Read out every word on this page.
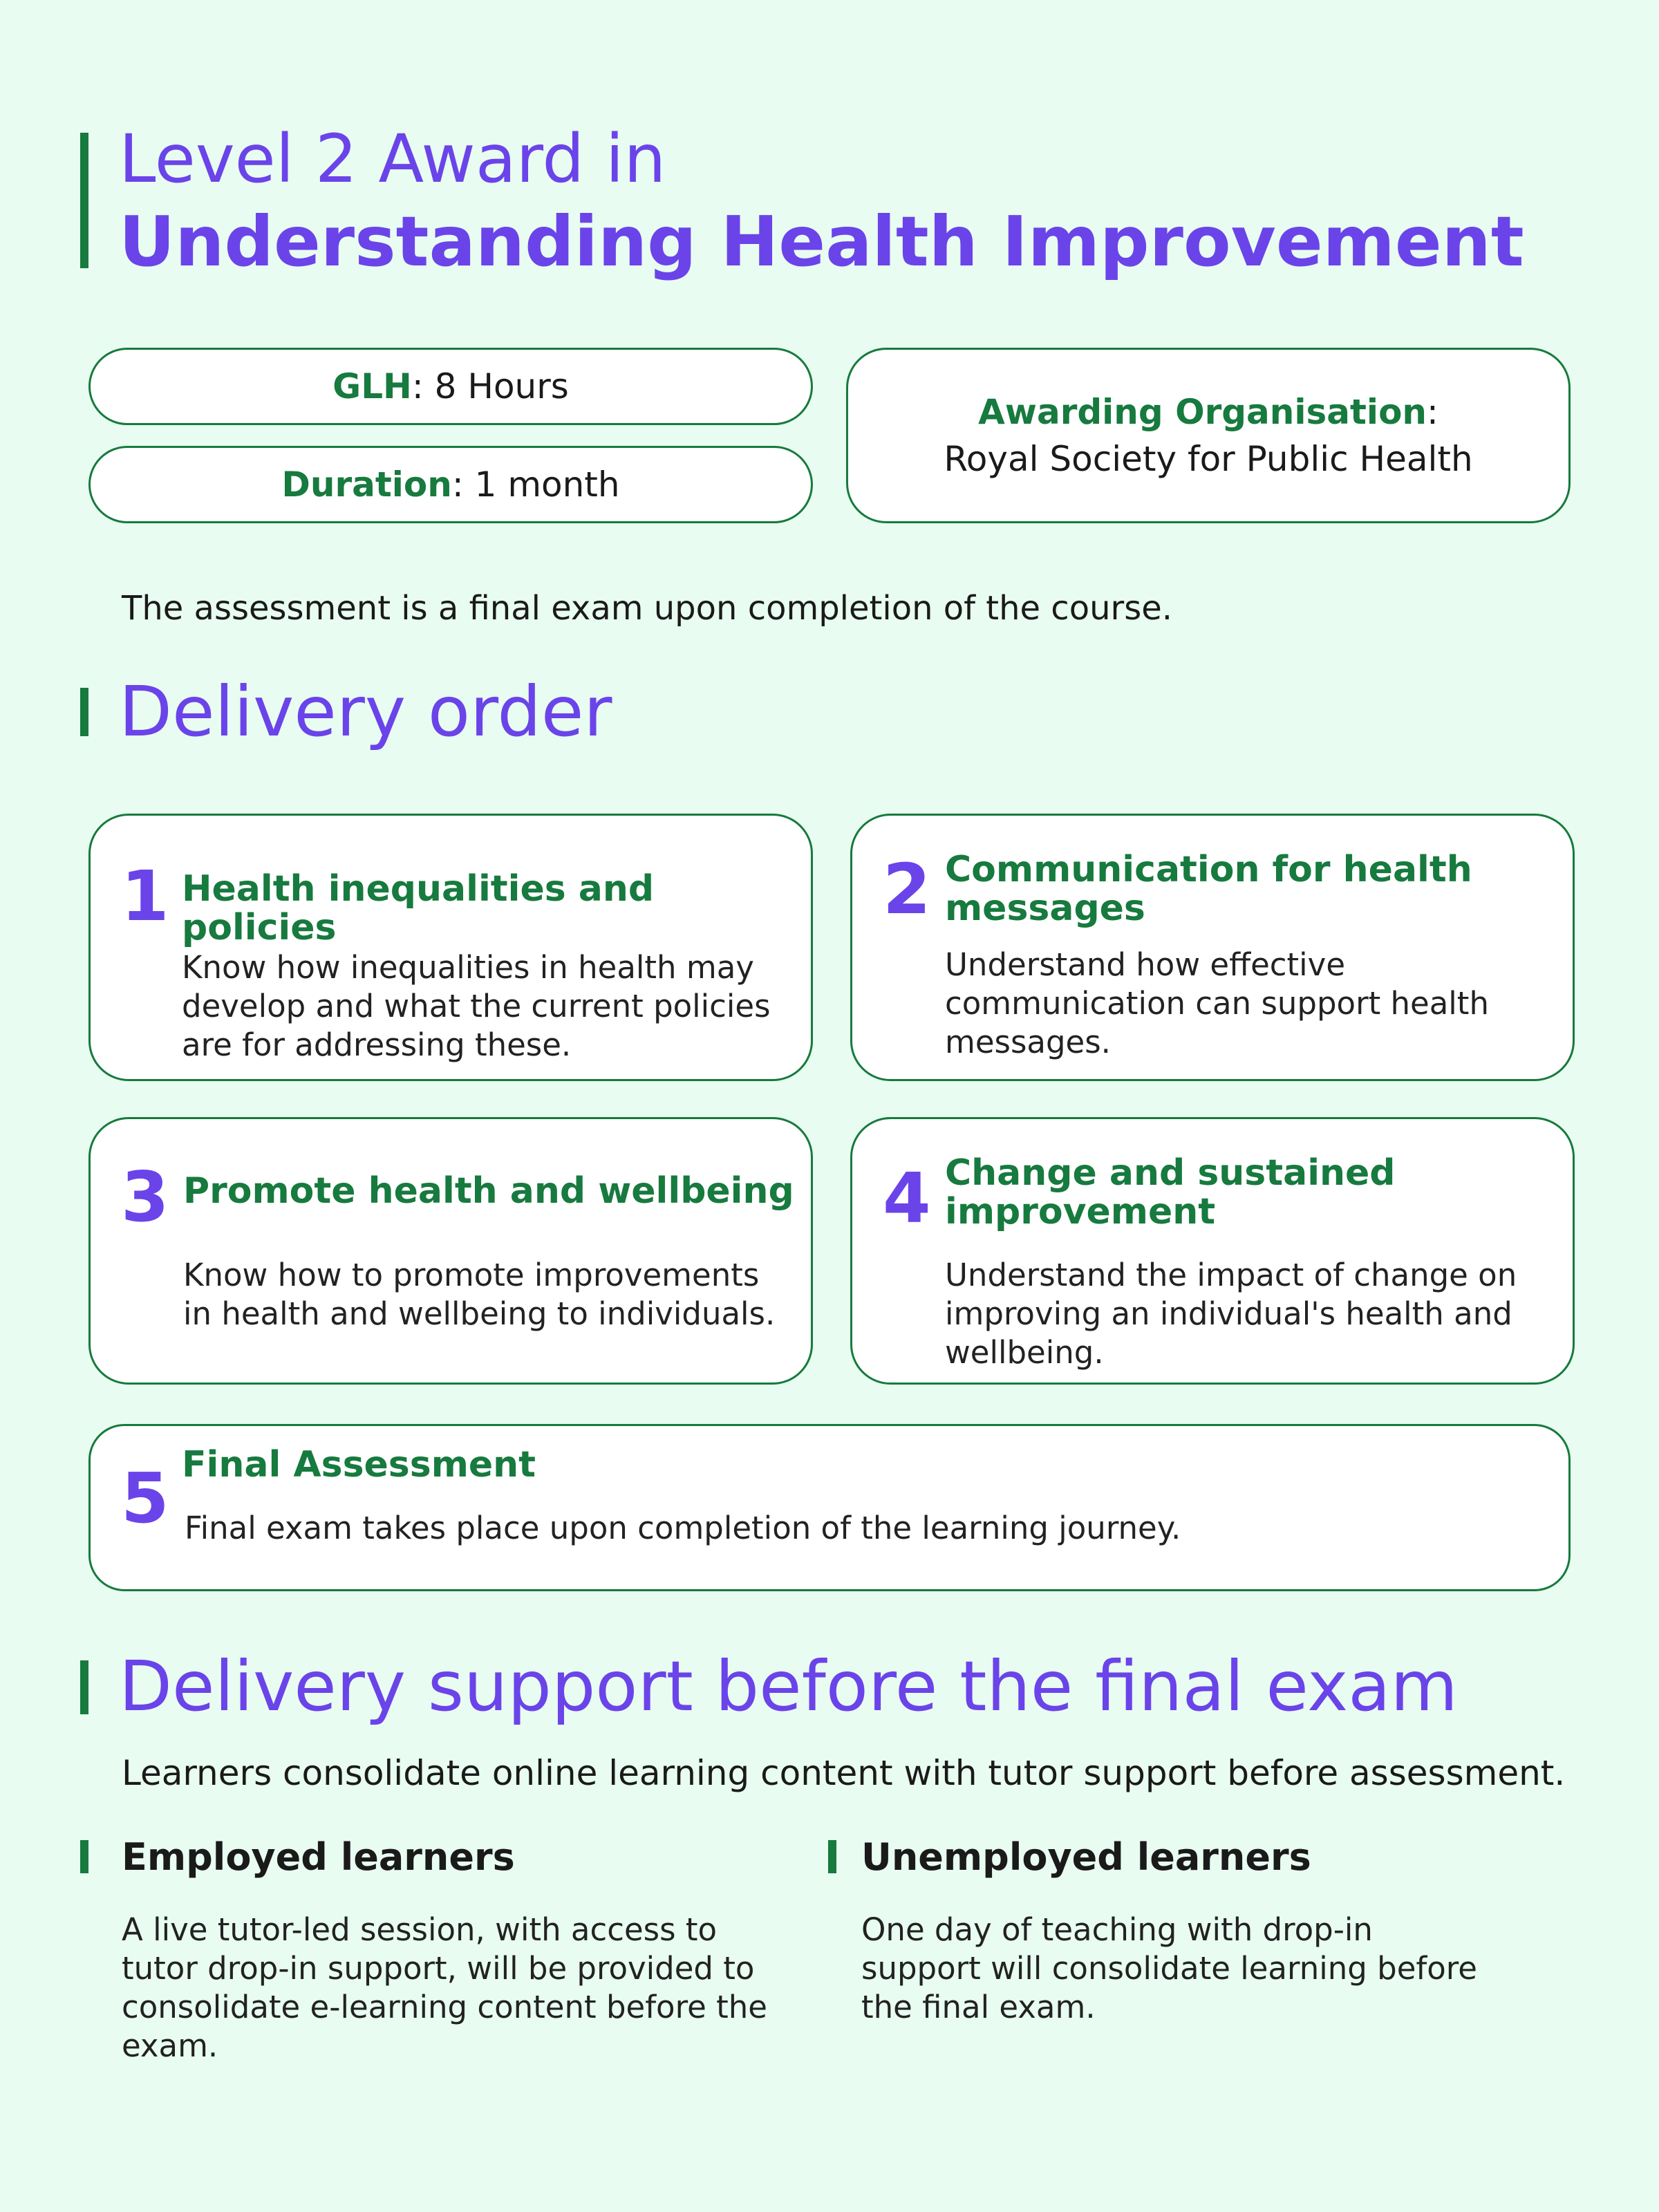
Level 2 Award in
Understanding Health Improvement
GLH: 8 Hours
Duration: 1 month
Awarding Organisation:
Royal Society for Public Health
The assessment is a final exam upon completion of the course.
Delivery order
1 Health inequalities and policies
Know how inequalities in health may develop and what the current policies are for addressing these.
2 Communication for health messages
Understand how effective communication can support health messages.
3 Promote health and wellbeing
Know how to promote improvements in health and wellbeing to individuals.
4 Change and sustained improvement
Understand the impact of change on improving an individual's health and wellbeing.
5 Final Assessment
Final exam takes place upon completion of the learning journey.
Delivery support before the final exam
Learners consolidate online learning content with tutor support before assessment.
Employed learners
A live tutor-led session, with access to tutor drop-in support, will be provided to consolidate e-learning content before the exam.
Unemployed learners
One day of teaching with drop-in support will consolidate learning before the final exam.
